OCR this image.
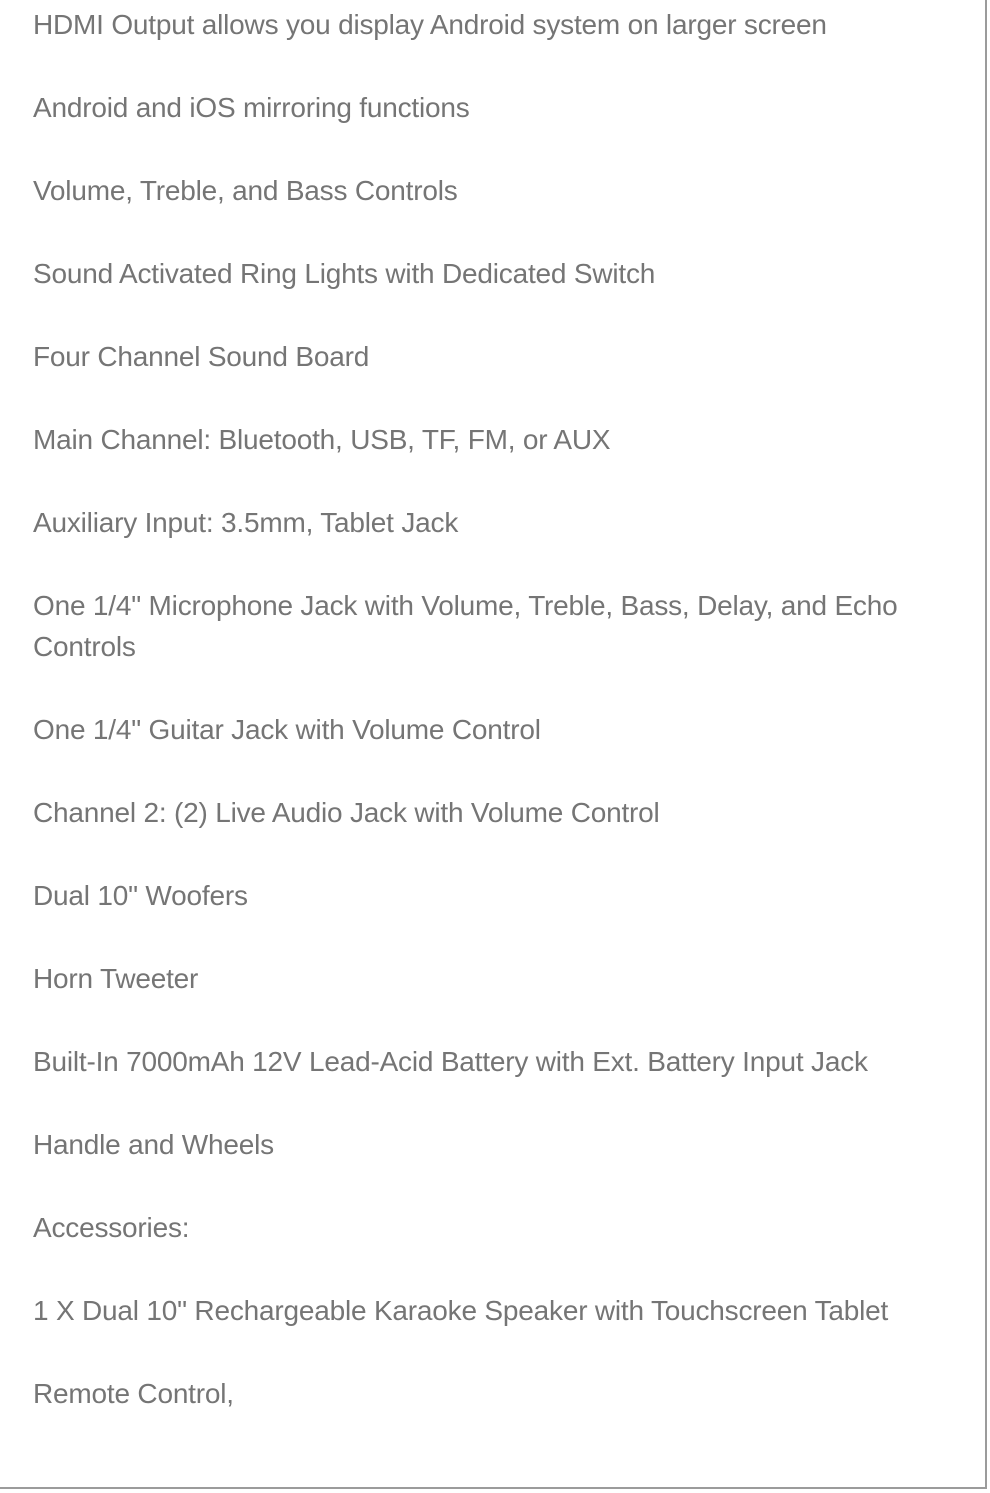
HDMI Output allows you display Android system on larger screen

Android and iOS mirroring functions

Volume, Treble, and Bass Controls

Sound Activated Ring Lights with Dedicated Switch

Four Channel Sound Board

Main Channel: Bluetooth, USB, TF, FM, or AUX

Auxiliary Input: 3.5mm, Tablet Jack

One 1/4" Microphone Jack with Volume, Treble, Bass, Delay, and Echo Controls

One 1/4" Guitar Jack with Volume Control

Channel 2: (2) Live Audio Jack with Volume Control

Dual 10" Woofers

Horn Tweeter

Built-In 7000mAh 12V Lead-Acid Battery with Ext. Battery Input Jack

Handle and Wheels

Accessories:

1 X Dual 10" Rechargeable Karaoke Speaker with Touchscreen Tablet

Remote Control,
